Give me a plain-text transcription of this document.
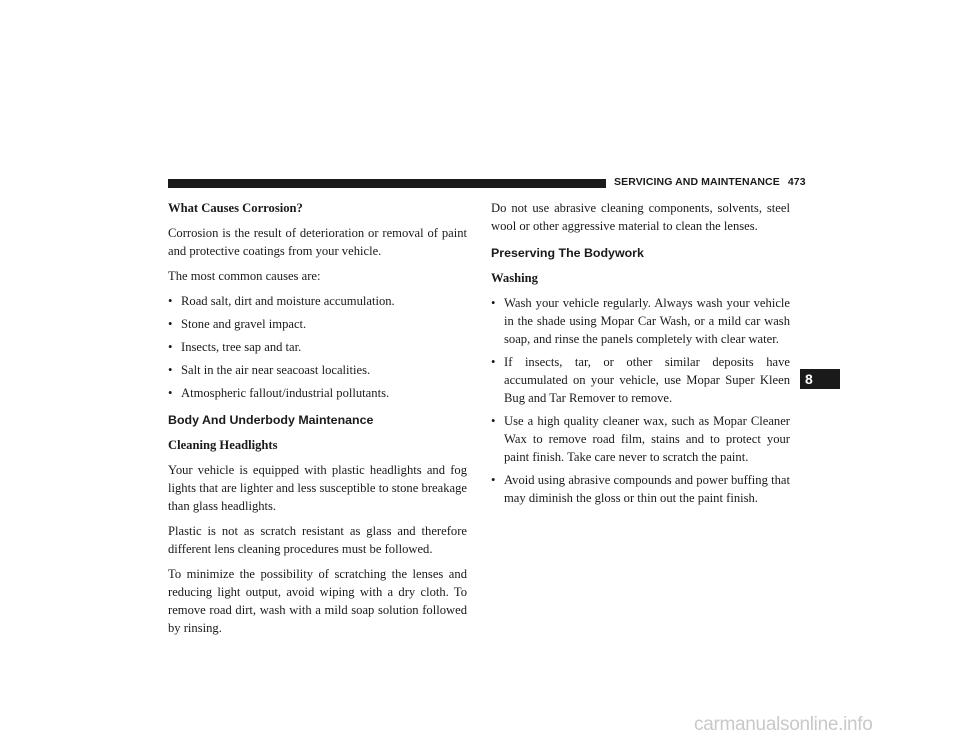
SERVICING AND MAINTENANCE 473
What Causes Corrosion?

Corrosion is the result of deterioration or removal of paint and protective coatings from your vehicle.

The most common causes are:

• Road salt, dirt and moisture accumulation.
• Stone and gravel impact.
• Insects, tree sap and tar.
• Salt in the air near seacoast localities.
• Atmospheric fallout/industrial pollutants.
Body And Underbody Maintenance
Cleaning Headlights

Your vehicle is equipped with plastic headlights and fog lights that are lighter and less susceptible to stone breakage than glass headlights.

Plastic is not as scratch resistant as glass and therefore different lens cleaning procedures must be followed.

To minimize the possibility of scratching the lenses and reducing light output, avoid wiping with a dry cloth. To remove road dirt, wash with a mild soap solution followed by rinsing.

Do not use abrasive cleaning components, solvents, steel wool or other aggressive material to clean the lenses.

Preserving The Bodywork
Washing
• Wash your vehicle regularly. Always wash your vehicle in the shade using Mopar Car Wash, or a mild car wash soap, and rinse the panels completely with clear water.
• If insects, tar, or other similar deposits have accumulated on your vehicle, use Mopar Super Kleen Bug and Tar Remover to remove.
• Use a high quality cleaner wax, such as Mopar Cleaner Wax to remove road film, stains and to protect your paint finish. Take care never to scratch the paint.
• Avoid using abrasive compounds and power buffing that may diminish the gloss or thin out the paint finish.
8
carmanualsonline.info
